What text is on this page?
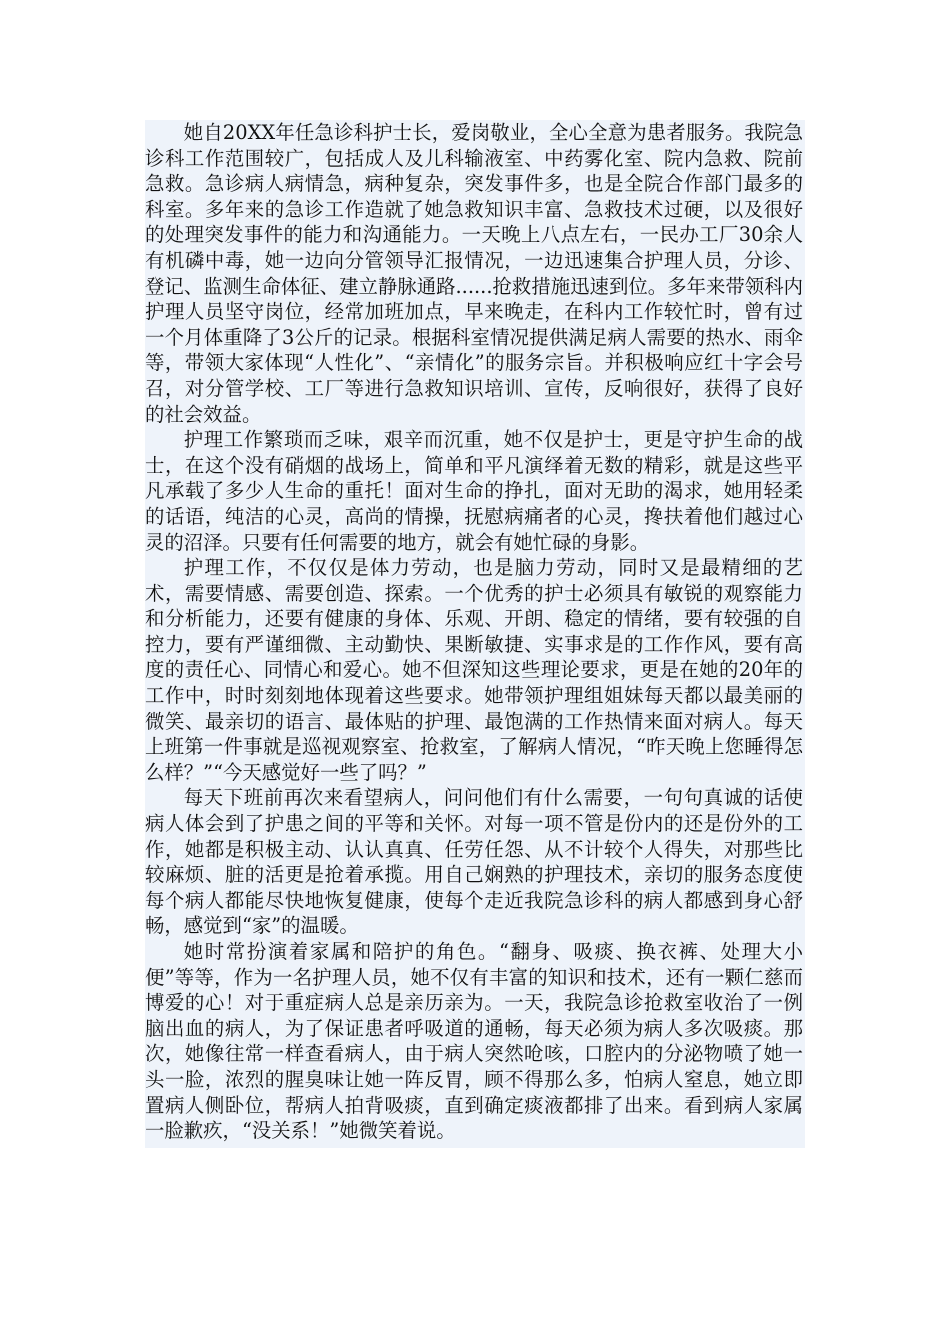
她自20XX年任急诊科护士长，爱岗敬业，全心全意为患者服务。我院急诊科工作范围较广，包括成人及儿科输液室、中药雾化室、院内急救、院前急救。急诊病人病情急，病种复杂，突发事件多，也是全院合作部门最多的科室。多年来的急诊工作造就了她急救知识丰富、急救技术过硬，以及很好的处理突发事件的能力和沟通能力。一天晚上八点左右，一民办工厂30余人有机磷中毒，她一边向分管领导汇报情况，一边迅速集合护理人员，分诊、登记、监测生命体征、建立静脉通路......抢救措施迅速到位。多年来带领科内护理人员坚守岗位，经常加班加点，早来晚走，在科内工作较忙时，曾有过一个月体重降了3公斤的记录。根据科室情况提供满足病人需要的热水、雨伞等，带领大家体现“人性化”、“亲情化”的服务宗旨。并积极响应红十字会号召，对分管学校、工厂等进行急救知识培训、宣传，反响很好，获得了良好的社会效益。

护理工作繁琐而乏味，艰辛而沉重，她不仅是护士，更是守护生命的战士，在这个没有硝烟的战场上，简单和平凡演绎着无数的精彩，就是这些平凡承载了多少人生命的重托！面对生命的挣扎，面对无助的渴求，她用轻柔的话语，纯洁的心灵，高尚的情操，抚慰病痛者的心灵，搀扶着他们越过心灵的沼泽。只要有任何需要的地方，就会有她忙碌的身影。

护理工作，不仅仅是体力劳动，也是脑力劳动，同时又是最精细的艺术，需要情感、需要创造、探索。一个优秀的护士必须具有敏锐的观察能力和分析能力，还要有健康的身体、乐观、开朗、稳定的情绪，要有较强的自控力，要有严谨细微、主动勤快、果断敏捷、实事求是的工作作风，要有高度的责任心、同情心和爱心。她不但深知这些理论要求，更是在她的20年的工作中，时时刻刻地体现着这些要求。她带领护理组姐妹每天都以最美丽的微笑、最亲切的语言、最体贴的护理、最饱满的工作热情来面对病人。每天上班第一件事就是巡视观察室、抢救室，了解病人情况，“昨天晚上您睡得怎么样？”“今天感觉好一些了吗？”

每天下班前再次来看望病人，问问他们有什么需要，一句句真诚的话使病人体会到了护患之间的平等和关怀。对每一项不管是份内的还是份外的工作，她都是积极主动、认认真真、任劳任怨、从不计较个人得失，对那些比较麻烦、脏的活更是抢着承揽。用自己娴熟的护理技术，亲切的服务态度使每个病人都能尽快地恢复健康，使每个走近我院急诊科的病人都感到身心舒畅，感觉到“家”的温暖。

她时常扮演着家属和陪护的角色。“翻身、吸痰、换衣裤、处理大小便”等等，作为一名护理人员，她不仅有丰富的知识和技术，还有一颗仁慈而博爱的心！对于重症病人总是亲历亲为。一天，我院急诊抢救室收治了一例脑出血的病人，为了保证患者呼吸道的通畅，每天必须为病人多次吸痰。那次，她像往常一样查看病人，由于病人突然呛咳，口腔内的分泌物喷了她一头一脸，浓烈的腥臭味让她一阵反胃，顾不得那么多，怕病人窒息，她立即置病人侧卧位，帮病人拍背吸痰，直到确定痰液都排了出来。看到病人家属一脸歉疚，“没关系！”她微笑着说。
